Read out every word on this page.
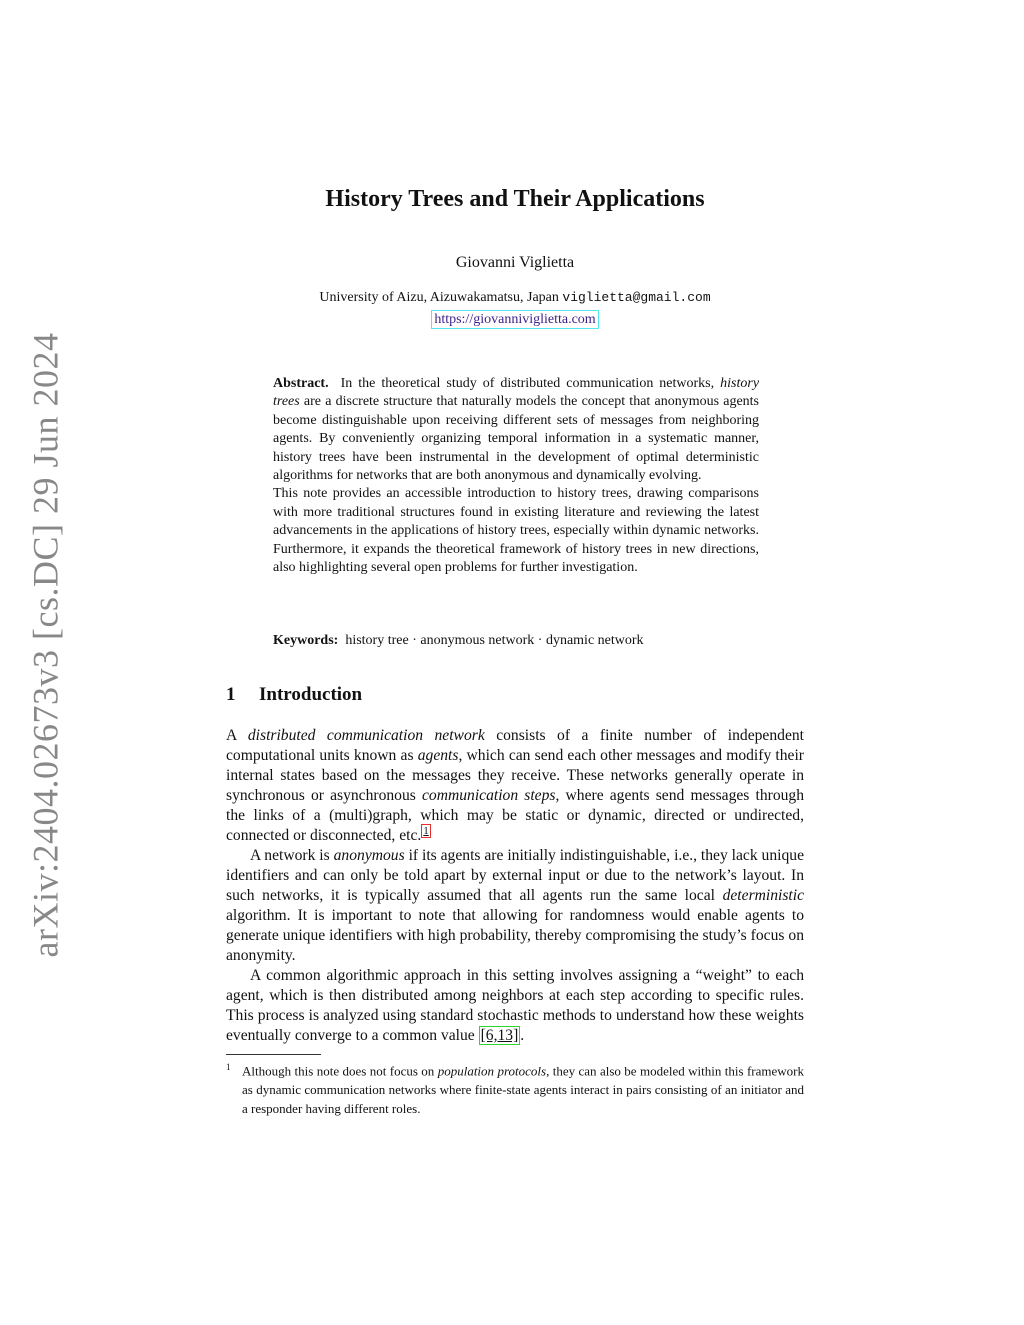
arXiv:2404.02673v3 [cs.DC] 29 Jun 2024
History Trees and Their Applications
Giovanni Viglietta
University of Aizu, Aizuwakamatsu, Japan viglietta@gmail.com
https://giovanniviglietta.com

Abstract. In the theoretical study of distributed communication networks, history trees are a discrete structure that naturally models the concept that anonymous agents become distinguishable upon receiving different sets of messages from neighboring agents. By conveniently organizing temporal information in a systematic manner, history trees have been instrumental in the development of optimal deterministic algorithms for networks that are both anonymous and dynamically evolving.

This note provides an accessible introduction to history trees, drawing comparisons with more traditional structures found in existing literature and reviewing the latest advancements in the applications of history trees, especially within dynamic networks. Furthermore, it expands the theoretical framework of history trees in new directions, also highlighting several open problems for further investigation.

Keywords: history tree · anonymous network · dynamic network
1 Introduction

A distributed communication network consists of a finite number of independent computational units known as agents, which can send each other messages and modify their internal states based on the messages they receive. These networks generally operate in synchronous or asynchronous communication steps, where agents send messages through the links of a (multi)graph, which may be static or dynamic, directed or undirected, connected or disconnected, etc. $^1$

A network is anonymous if its agents are initially indistinguishable, i.e., they lack unique identifiers and can only be told apart by external input or due to the network’s layout. In such networks, it is typically assumed that all agents run the same local deterministic algorithm. It is important to note that allowing for randomness would enable agents to generate unique identifiers with high probability, thereby compromising the study’s focus on anonymity.

A common algorithmic approach in this setting involves assigning a “weight” to each agent, which is then distributed among neighbors at each step according to specific rules. This process is analyzed using standard stochastic methods to understand how these weights eventually converge to a common value [6,13] .

$^1$ Although this note does not focus on population protocols, they can also be modeled within this framework as dynamic communication networks where finite-state agents interact in pairs consisting of an initiator and a responder having different roles.
